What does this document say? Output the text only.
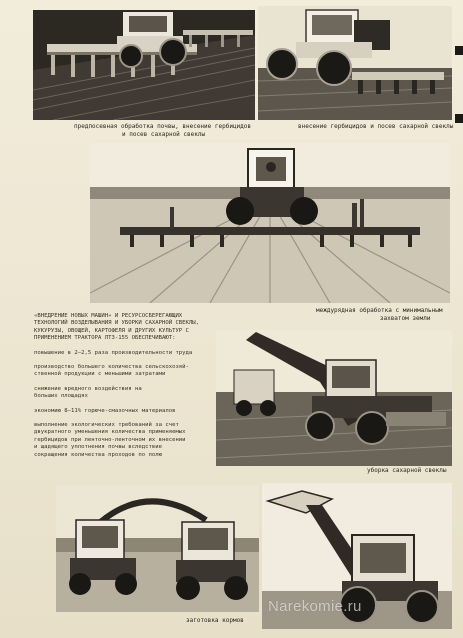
предпосевная обработка почвы, внесение гербицидов
и посев сахарной свеклы
внесение гербицидов и посев сахарной свеклы
междурядная обработка с минимальным
захватом земли

«ВНЕДРЕНИЕ НОВЫХ МАШИН» И РЕСУРСОСБЕРЕГАЮЩИХ
ТЕХНОЛОГИЙ ВОЗДЕЛЫВАНИЯ И УБОРКИ САХАРНОЙ СВЕКЛЫ,
КУКУРУЗЫ, ОВОЩЕЙ, КАРТОФЕЛЯ И ДРУГИХ КУЛЬТУР С
ПРИМЕНЕНИЕМ ТРАКТОРА ЛТЗ-155 ОБЕСПЕЧИВАЮТ:

повышение в 2–2,5 раза производительности труда

производство большего количества сельскохозяй-
ственной продукции с меньшими затратами

снижение вредного воздействия на
больших площадях

экономию 8–11% горюче-смазочных материалов

выполнение экологических требований за счет
двукратного уменьшения количества применяемых
гербицидов при ленточно-ленточном их внесении
и щадящего уплотнения почвы вследствие
сокращения количества проходов по полю

уборка сахарной свеклы
заготовка кормов
Narekomie.ru
